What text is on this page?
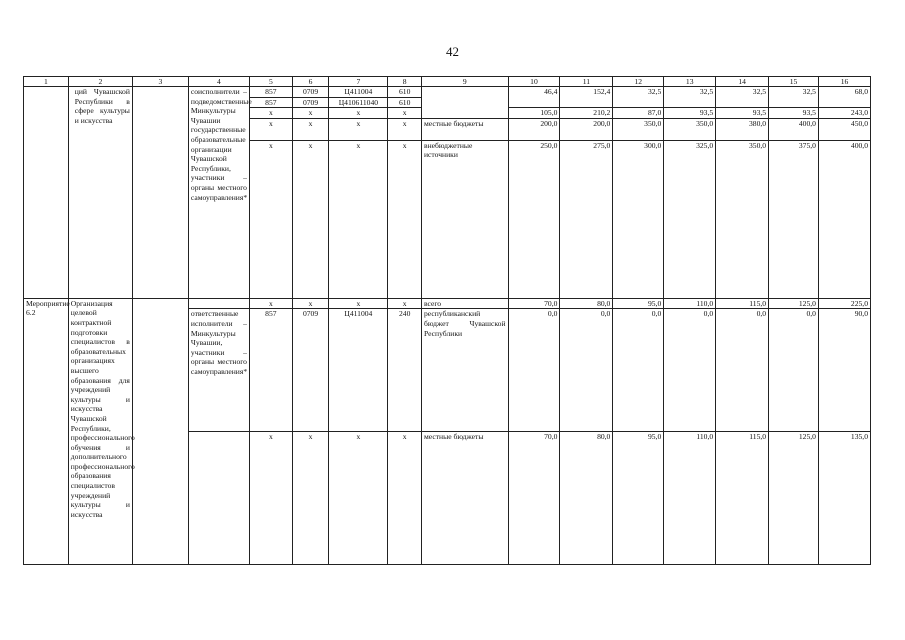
42
1	2	3	4	5	6	7	8	9	10	11	12	13	14	15	16
	ций Чувашской Республики в сфере культуры и искусства		соисполнители – подведомственные Минкультуры Чувашии государственные образовательные организации Чувашской Республики, участники – органы местного самоуправления*	857	0709	Ц411004	610		46,4	152,4	32,5	32,5	32,5	32,5	68,0
				857	0709	Ц410611040	610								
				x	x	x	x		105,0	210,2	87,0	93,5	93,5	93,5	243,0
				x	x	x	x	местные бюджеты	200,0	200,0	350,0	350,0	380,0	400,0	450,0
				x	x	x	x	внебюджетные источники	250,0	275,0	300,0	325,0	350,0	375,0	400,0
Мероприятие 6.2	Организация целевой контрактной подготовки специалистов в образовательных организациях высшего образования для учреждений культуры и искусства Чувашской Республики, профессионального обучения и дополнительного профессионального образования специалистов учреждений культуры и искусства			x	x	x	x	всего	70,0	80,0	95,0	110,0	115,0	125,0	225,0
			ответственные исполнители – Минкультуры Чувашии, участники – органы местного самоуправления*	857	0709	Ц411004	240	республиканский бюджет Чувашской Республики	0,0	0,0	0,0	0,0	0,0	0,0	90,0
				x	x	x	x	местные бюджеты	70,0	80,0	95,0	110,0	115,0	125,0	135,0
